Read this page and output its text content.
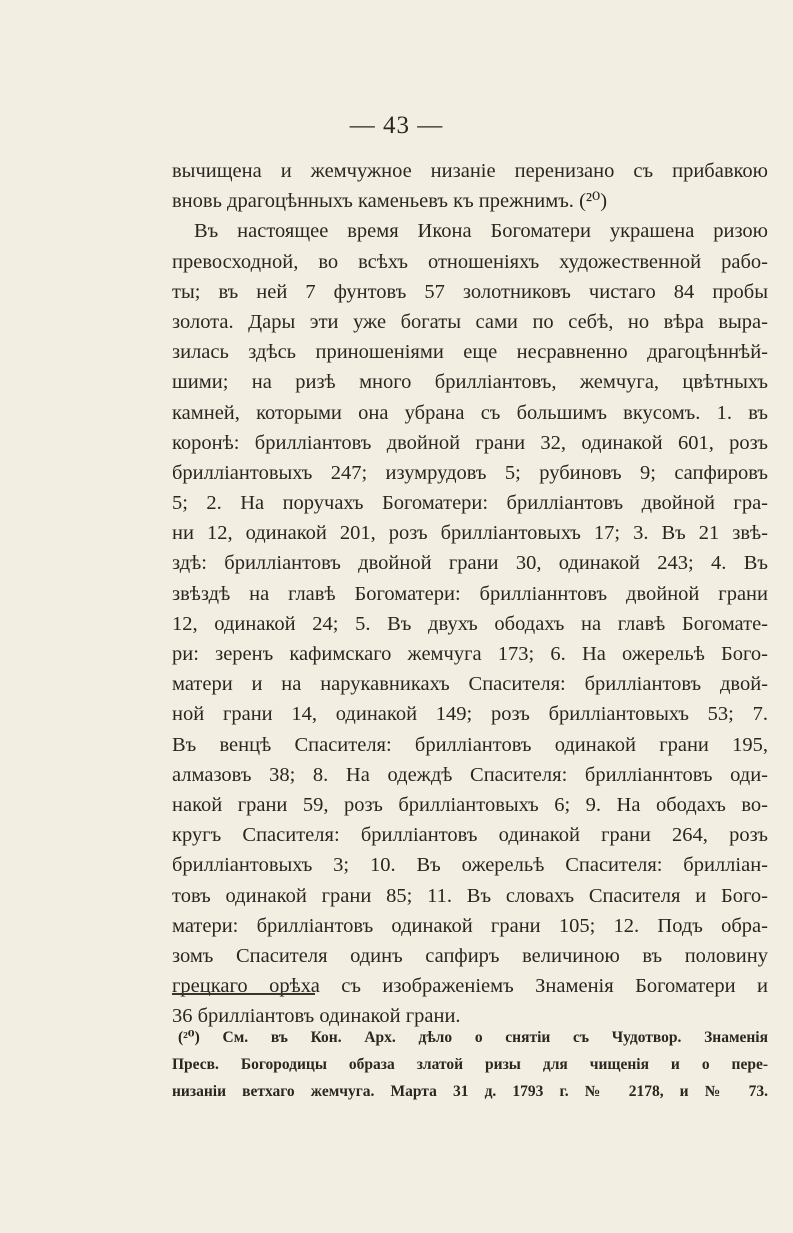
— 43 —
вычищена и жемчужное низаніе перенизано съ прибавкою
вновь драгоцѣнныхъ каменьевъ къ прежнимъ. (²⁰)
Въ настоящее время Икона Богоматери украшена ризою
превосходной, во всѣхъ отношеніяхъ художественной рабо-
ты; въ ней 7 фунтовъ 57 золотниковъ чистаго 84 пробы
золота. Дары эти уже богаты сами по себѣ, но вѣра выра-
зилась здѣсь приношеніями еще несравненно драгоцѣннѣй-
шими; на ризѣ много бриллiантовъ, жемчуга, цвѣтныхъ
камней, которыми она убрана съ большимъ вкусомъ. 1. въ
коронѣ: бриллiантовъ двойной грани 32, одинакой 601, розъ
бриллiантовыхъ 247; изумрудовъ 5; рубиновъ 9; сапфировъ
5; 2. На поручахъ Богоматери: бриллiантовъ двойной гра-
ни 12, одинакой 201, розъ бриллiантовыхъ 17; 3. Въ 21 звѣ-
здѣ: бриллiантовъ двойной грани 30, одинакой 243; 4. Въ
звѣздѣ на главѣ Богоматери: бриллiаннтовъ двойной грани
12, одинакой 24; 5. Въ двухъ ободахъ на главѣ Богомате-
ри: зеренъ кафимскаго жемчуга 173; 6. На ожерельѣ Бого-
матери и на нарукавникахъ Спасителя: бриллiантовъ двой-
ной грани 14, одинакой 149; розъ бриллiантовыхъ 53; 7.
Въ венцѣ Спасителя: бриллiантовъ одинакой грани 195,
алмазовъ 38; 8. На одеждѣ Спасителя: бриллiаннтовъ оди-
накой грани 59, розъ бриллiантовыхъ 6; 9. На ободахъ во-
кругъ Спасителя: бриллiантовъ одинакой грани 264, розъ
бриллiантовыхъ 3; 10. Въ ожерельѣ Спасителя: бриллiан-
товъ одинакой грани 85; 11. Въ словахъ Спасителя и Бого-
матери: бриллiантовъ одинакой грани 105; 12. Подъ обра-
зомъ Спасителя одинъ сапфиръ величиною въ половину
грецкаго орѣха съ изображеніемъ Знаменія Богоматери и
36 бриллiантовъ одинакой грани.
(²⁰) См. въ Кон. Арх. дѣло о снятіи съ Чудотвор. Знаменія
Пресв. Богородицы образа златой ризы для чищенія и о пере-
низаніи ветхаго жемчуга. Марта 31 д. 1793 г. № 2178, и № 73.
